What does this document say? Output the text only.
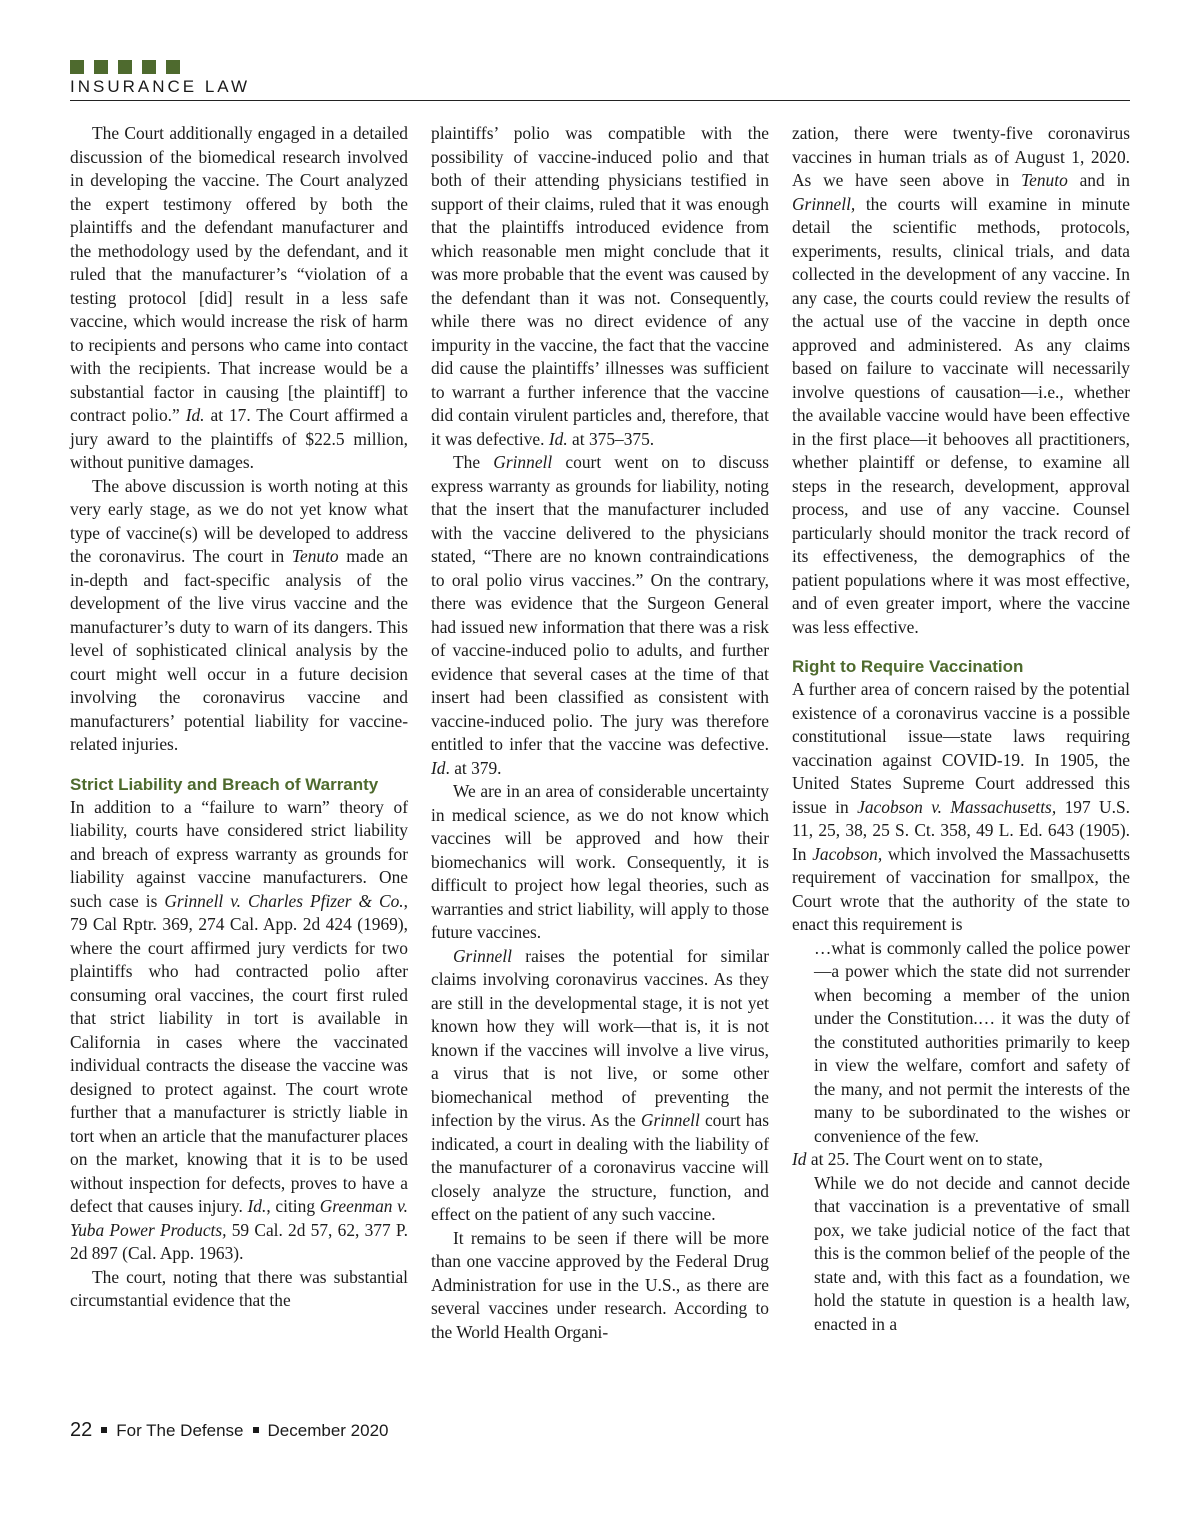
INSURANCE LAW

The Court additionally engaged in a detailed discussion of the biomedical research involved in developing the vaccine. The Court analyzed the expert testimony offered by both the plaintiffs and the defendant manufacturer and the methodology used by the defendant, and it ruled that the manufacturer’s “violation of a testing protocol [did] result in a less safe vaccine, which would increase the risk of harm to recipients and persons who came into contact with the recipients. That increase would be a substantial factor in causing [the plaintiff] to contract polio.” Id. at 17. The Court affirmed a jury award to the plaintiffs of $22.5 million, without punitive damages.

The above discussion is worth noting at this very early stage, as we do not yet know what type of vaccine(s) will be developed to address the coronavirus. The court in Tenuto made an in-depth and fact-specific analysis of the development of the live virus vaccine and the manufacturer’s duty to warn of its dangers. This level of sophisticated clinical analysis by the court might well occur in a future decision involving the coronavirus vaccine and manufacturers’ potential liability for vaccine-related injuries.

Strict Liability and Breach of Warranty

In addition to a “failure to warn” theory of liability, courts have considered strict liability and breach of express warranty as grounds for liability against vaccine manufacturers. One such case is Grinnell v. Charles Pfizer & Co., 79 Cal Rptr. 369, 274 Cal. App. 2d 424 (1969), where the court affirmed jury verdicts for two plaintiffs who had contracted polio after consuming oral vaccines, the court first ruled that strict liability in tort is available in California in cases where the vaccinated individual contracts the disease the vaccine was designed to protect against. The court wrote further that a manufacturer is strictly liable in tort when an article that the manufacturer places on the market, knowing that it is to be used without inspection for defects, proves to have a defect that causes injury. Id., citing Greenman v. Yuba Power Products, 59 Cal. 2d 57, 62, 377 P. 2d 897 (Cal. App. 1963).

The court, noting that there was substantial circumstantial evidence that the

plaintiffs’ polio was compatible with the possibility of vaccine-induced polio and that both of their attending physicians testified in support of their claims, ruled that it was enough that the plaintiffs introduced evidence from which reasonable men might conclude that it was more probable that the event was caused by the defendant than it was not. Consequently, while there was no direct evidence of any impurity in the vaccine, the fact that the vaccine did cause the plaintiffs’ illnesses was sufficient to warrant a further inference that the vaccine did contain virulent particles and, therefore, that it was defective. Id. at 375–375.

The Grinnell court went on to discuss express warranty as grounds for liability, noting that the insert that the manufacturer included with the vaccine delivered to the physicians stated, “There are no known contraindications to oral polio virus vaccines.” On the contrary, there was evidence that the Surgeon General had issued new information that there was a risk of vaccine-induced polio to adults, and further evidence that several cases at the time of that insert had been classified as consistent with vaccine-induced polio. The jury was therefore entitled to infer that the vaccine was defective. Id. at 379.

We are in an area of considerable uncertainty in medical science, as we do not know which vaccines will be approved and how their biomechanics will work. Consequently, it is difficult to project how legal theories, such as warranties and strict liability, will apply to those future vaccines.

Grinnell raises the potential for similar claims involving coronavirus vaccines. As they are still in the developmental stage, it is not yet known how they will work—that is, it is not known if the vaccines will involve a live virus, a virus that is not live, or some other biomechanical method of preventing the infection by the virus. As the Grinnell court has indicated, a court in dealing with the liability of the manufacturer of a coronavirus vaccine will closely analyze the structure, function, and effect on the patient of any such vaccine.

It remains to be seen if there will be more than one vaccine approved by the Federal Drug Administration for use in the U.S., as there are several vaccines under research. According to the World Health Organi-

zation, there were twenty-five coronavirus vaccines in human trials as of August 1, 2020. As we have seen above in Tenuto and in Grinnell, the courts will examine in minute detail the scientific methods, protocols, experiments, results, clinical trials, and data collected in the development of any vaccine. In any case, the courts could review the results of the actual use of the vaccine in depth once approved and administered. As any claims based on failure to vaccinate will necessarily involve questions of causation—i.e., whether the available vaccine would have been effective in the first place—it behooves all practitioners, whether plaintiff or defense, to examine all steps in the research, development, approval process, and use of any vaccine. Counsel particularly should monitor the track record of its effectiveness, the demographics of the patient populations where it was most effective, and of even greater import, where the vaccine was less effective.

Right to Require Vaccination

A further area of concern raised by the potential existence of a coronavirus vaccine is a possible constitutional issue—state laws requiring vaccination against COVID-19. In 1905, the United States Supreme Court addressed this issue in Jacobson v. Massachusetts, 197 U.S. 11, 25, 38, 25 S. Ct. 358, 49 L. Ed. 643 (1905). In Jacobson, which involved the Massachusetts requirement of vaccination for smallpox, the Court wrote that the authority of the state to enact this requirement is

…what is commonly called the police power—a power which the state did not surrender when becoming a member of the union under the Constitution.… it was the duty of the constituted authorities primarily to keep in view the welfare, comfort and safety of the many, and not permit the interests of the many to be subordinated to the wishes or convenience of the few.

Id at 25. The Court went on to state,

While we do not decide and cannot decide that vaccination is a preventative of small pox, we take judicial notice of the fact that this is the common belief of the people of the state and, with this fact as a foundation, we hold the statute in question is a health law, enacted in a
22 For The Defense December 2020
